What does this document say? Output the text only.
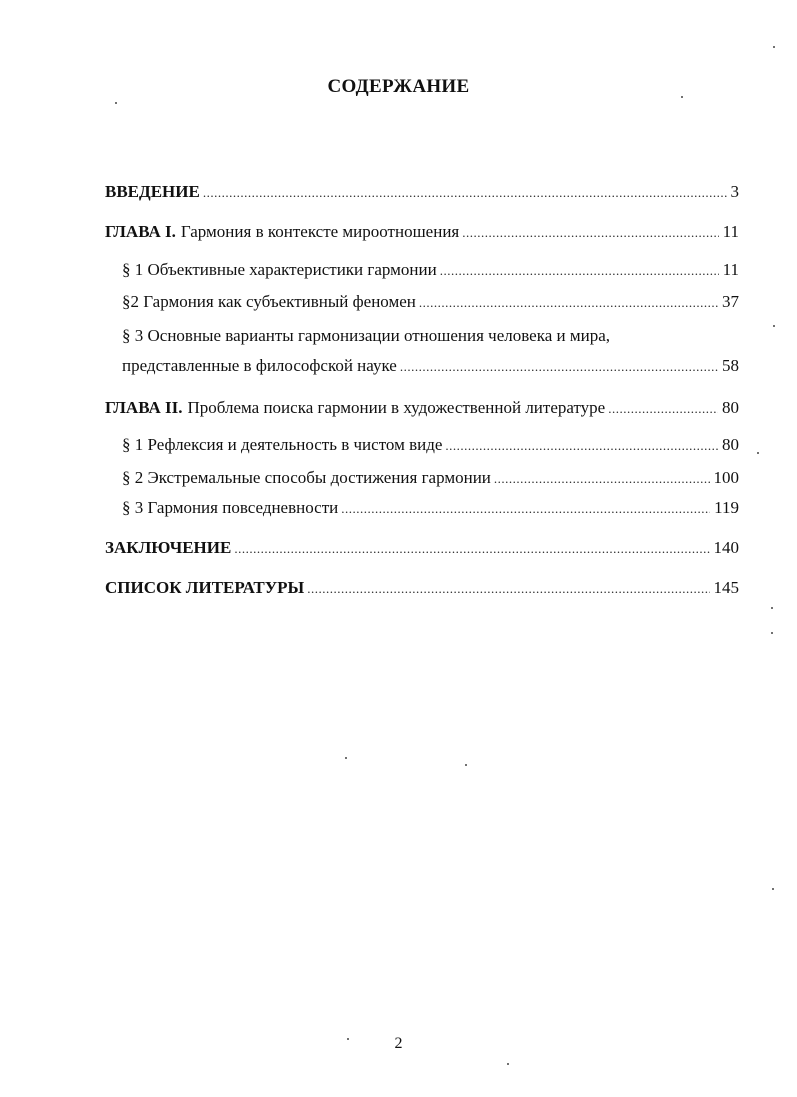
СОДЕРЖАНИЕ
ВВЕДЕНИЕ .....	3
ГЛАВА I. Гармония в контексте мироотношения .....	11
§ 1 Объективные характеристики гармонии .....	11
§2 Гармония как субъективный феномен .....	37
§ 3 Основные варианты гармонизации отношения человека и мира,
представленные в философской науке .....	58
ГЛАВА II. Проблема поиска гармонии в художественной литературе .....	80
§ 1 Рефлексия и деятельность в чистом виде .....	80
§ 2 Экстремальные способы достижения гармонии .....	100
§ 3 Гармония повседневности .....	119
ЗАКЛЮЧЕНИЕ .....	140
СПИСОК ЛИТЕРАТУРЫ .....	145
2
